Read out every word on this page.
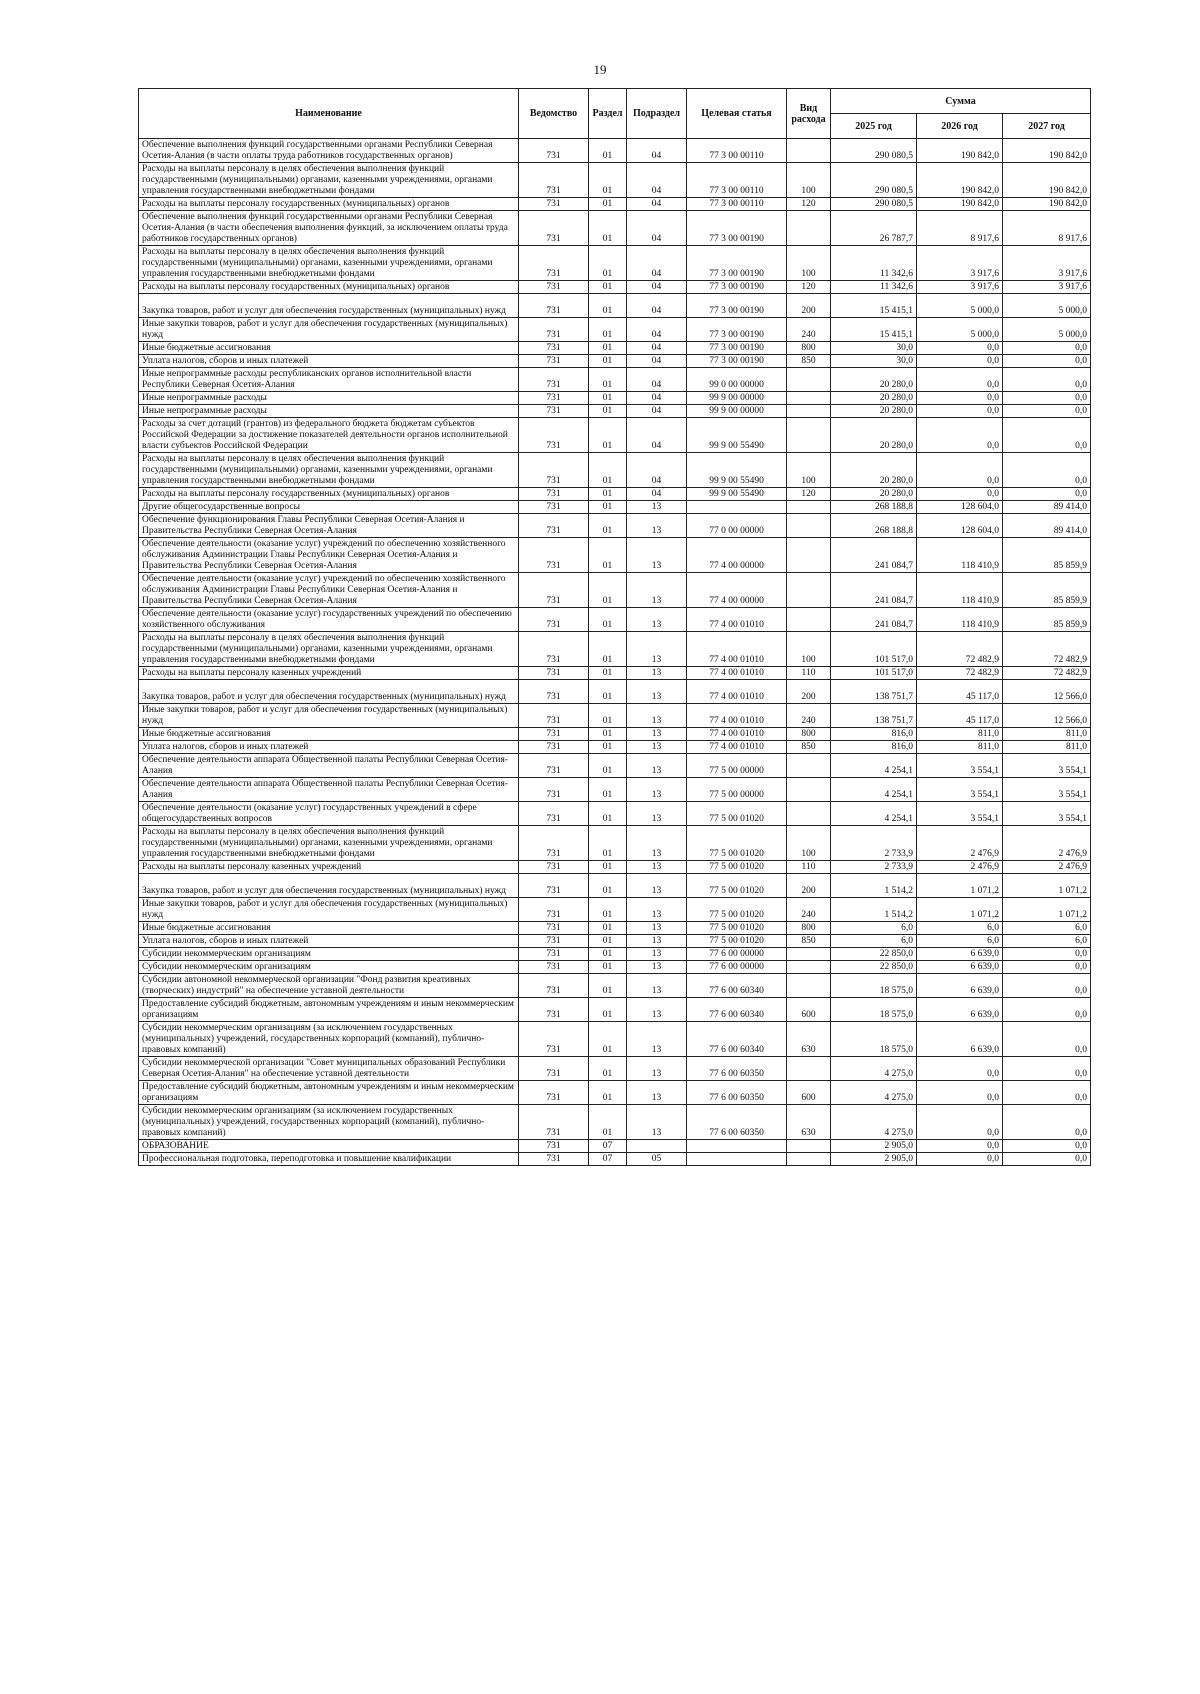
19
Наименование	Ведомство	Раздел	Подраздел	Целевая статья	Вид расхода	Сумма		
						2025 год	2026 год	2027 год
Обеспечение выполнения функций государственными органами Республики Северная Осетия-Алания (в части оплаты труда работников государственных органов)	731	01	04	77 3 00 00110		290 080,5	190 842,0	190 842,0
Расходы на выплаты персоналу в целях обеспечения выполнения функций государственными (муниципальными) органами, казенными учреждениями, органами управления государственными внебюджетными фондами	731	01	04	77 3 00 00110	100	290 080,5	190 842,0	190 842,0
Расходы на выплаты персоналу государственных (муниципальных) органов	731	01	04	77 3 00 00110	120	290 080,5	190 842,0	190 842,0
Обеспечение выполнения функций государственными органами Республики Северная Осетия-Алания (в части обеспечения выполнения функций, за исключением оплаты труда работников государственных органов)	731	01	04	77 3 00 00190		26 787,7	8 917,6	8 917,6
Расходы на выплаты персоналу в целях обеспечения выполнения функций государственными (муниципальными) органами, казенными учреждениями, органами управления государственными внебюджетными фондами	731	01	04	77 3 00 00190	100	11 342,6	3 917,6	3 917,6
Расходы на выплаты персоналу государственных (муниципальных) органов	731	01	04	77 3 00 00190	120	11 342,6	3 917,6	3 917,6
Закупка товаров, работ и услуг для обеспечения государственных (муниципальных) нужд	731	01	04	77 3 00 00190	200	15 415,1	5 000,0	5 000,0
Иные закупки товаров, работ и услуг для обеспечения государственных (муниципальных) нужд	731	01	04	77 3 00 00190	240	15 415,1	5 000,0	5 000,0
Иные бюджетные ассигнования	731	01	04	77 3 00 00190	800	30,0	0,0	0,0
Уплата налогов, сборов и иных платежей	731	01	04	77 3 00 00190	850	30,0	0,0	0,0
Иные непрограммные расходы республиканских органов исполнительной власти Республики Северная Осетия-Алания	731	01	04	99 0 00 00000		20 280,0	0,0	0,0
Иные непрограммные расходы	731	01	04	99 9 00 00000		20 280,0	0,0	0,0
Иные непрограммные расходы	731	01	04	99 9 00 00000		20 280,0	0,0	0,0
Расходы за счет дотаций (грантов) из федерального бюджета бюджетам субъектов Российской Федерации за достижение показателей деятельности органов исполнительной власти субъектов Российской Федерации	731	01	04	99 9 00 55490		20 280,0	0,0	0,0
Расходы на выплаты персоналу в целях обеспечения выполнения функций государственными (муниципальными) органами, казенными учреждениями, органами управления государственными внебюджетными фондами	731	01	04	99 9 00 55490	100	20 280,0	0,0	0,0
Расходы на выплаты персоналу государственных (муниципальных) органов	731	01	04	99 9 00 55490	120	20 280,0	0,0	0,0
Другие общегосударственные вопросы	731	01	13			268 188,8	128 604,0	89 414,0
Обеспечение функционирования Главы Республики Северная Осетия-Алания и Правительства Республики Северная Осетия-Алания	731	01	13	77 0 00 00000		268 188,8	128 604,0	89 414,0
Обеспечение деятельности (оказание услуг) учреждений по обеспечению хозяйственного обслуживания Администрации Главы Республики Северная Осетия-Алания и Правительства Республики Северная Осетия-Алания	731	01	13	77 4 00 00000		241 084,7	118 410,9	85 859,9
Обеспечение деятельности (оказание услуг) учреждений по обеспечению хозяйственного обслуживания Администрации Главы Республики Северная Осетия-Алания и Правительства Республики Северная Осетия-Алания	731	01	13	77 4 00 00000		241 084,7	118 410,9	85 859,9
Обеспечение деятельности (оказание услуг) государственных учреждений по обеспечению хозяйственного обслуживания	731	01	13	77 4 00 01010		241 084,7	118 410,9	85 859,9
Расходы на выплаты персоналу в целях обеспечения выполнения функций государственными (муниципальными) органами, казенными учреждениями, органами управления государственными внебюджетными фондами	731	01	13	77 4 00 01010	100	101 517,0	72 482,9	72 482,9
Расходы на выплаты персоналу казенных учреждений	731	01	13	77 4 00 01010	110	101 517,0	72 482,9	72 482,9
Закупка товаров, работ и услуг для обеспечения государственных (муниципальных) нужд	731	01	13	77 4 00 01010	200	138 751,7	45 117,0	12 566,0
Иные закупки товаров, работ и услуг для обеспечения государственных (муниципальных) нужд	731	01	13	77 4 00 01010	240	138 751,7	45 117,0	12 566,0
Иные бюджетные ассигнования	731	01	13	77 4 00 01010	800	816,0	811,0	811,0
Уплата налогов, сборов и иных платежей	731	01	13	77 4 00 01010	850	816,0	811,0	811,0
Обеспечение деятельности аппарата Общественной палаты Республики Северная Осетия-Алания	731	01	13	77 5 00 00000		4 254,1	3 554,1	3 554,1
Обеспечение деятельности аппарата Общественной палаты Республики Северная Осетия-Алания	731	01	13	77 5 00 00000		4 254,1	3 554,1	3 554,1
Обеспечение деятельности (оказание услуг) государственных учреждений в сфере общегосударственных вопросов	731	01	13	77 5 00 01020		4 254,1	3 554,1	3 554,1
Расходы на выплаты персоналу в целях обеспечения выполнения функций государственными (муниципальными) органами, казенными учреждениями, органами управления государственными внебюджетными фондами	731	01	13	77 5 00 01020	100	2 733,9	2 476,9	2 476,9
Расходы на выплаты персоналу казенных учреждений	731	01	13	77 5 00 01020	110	2 733,9	2 476,9	2 476,9
Закупка товаров, работ и услуг для обеспечения государственных (муниципальных) нужд	731	01	13	77 5 00 01020	200	1 514,2	1 071,2	1 071,2
Иные закупки товаров, работ и услуг для обеспечения государственных (муниципальных) нужд	731	01	13	77 5 00 01020	240	1 514,2	1 071,2	1 071,2
Иные бюджетные ассигнования	731	01	13	77 5 00 01020	800	6,0	6,0	6,0
Уплата налогов, сборов и иных платежей	731	01	13	77 5 00 01020	850	6,0	6,0	6,0
Субсидии некоммерческим организациям	731	01	13	77 6 00 00000		22 850,0	6 639,0	0,0
Субсидии некоммерческим организациям	731	01	13	77 6 00 00000		22 850,0	6 639,0	0,0
Субсидии автономной некоммерческой организации "Фонд развития креативных (творческих) индустрий" на обеспечение уставной деятельности	731	01	13	77 6 00 60340		18 575,0	6 639,0	0,0
Предоставление субсидий бюджетным, автономным учреждениям и иным некоммерческим организациям	731	01	13	77 6 00 60340	600	18 575,0	6 639,0	0,0
Субсидии некоммерческим организациям (за исключением государственных (муниципальных) учреждений, государственных корпораций (компаний), публично-правовых компаний)	731	01	13	77 6 00 60340	630	18 575,0	6 639,0	0,0
Субсидии некоммерческой организации "Совет муниципальных образований Республики Северная Осетия-Алания" на обеспечение уставной деятельности	731	01	13	77 6 00 60350		4 275,0	0,0	0,0
Предоставление субсидий бюджетным, автономным учреждениям и иным некоммерческим организациям	731	01	13	77 6 00 60350	600	4 275,0	0,0	0,0
Субсидии некоммерческим организациям (за исключением государственных (муниципальных) учреждений, государственных корпораций (компаний), публично-правовых компаний)	731	01	13	77 6 00 60350	630	4 275,0	0,0	0,0
ОБРАЗОВАНИЕ	731	07				2 905,0	0,0	0,0
Профессиональная подготовка, переподготовка и повышение квалификации	731	07	05			2 905,0	0,0	0,0
